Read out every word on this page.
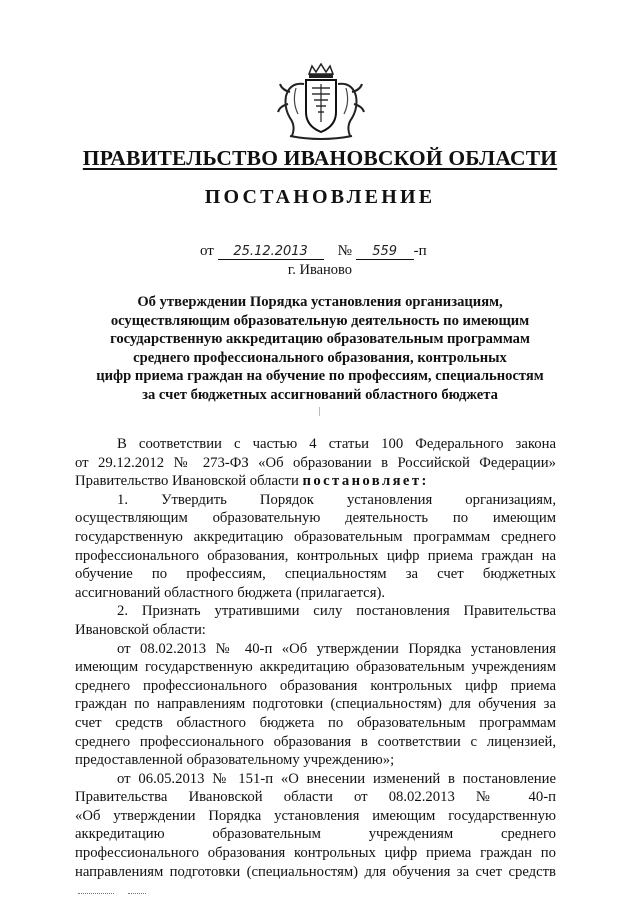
ПРАВИТЕЛЬСТВО ИВАНОВСКОЙ ОБЛАСТИ
ПОСТАНОВЛЕНИЕ
от 25.12.2013 № 559 -п
г. Иваново
Об утверждении Порядка установления организациям,
осуществляющим образовательную деятельность по имеющим
государственную аккредитацию образовательным программам
среднего профессионального образования, контрольных
цифр приема граждан на обучение по профессиям, специальностям
за счет бюджетных ассигнований областного бюджета
В соответствии с частью 4 статьи 100 Федерального закона
от 29.12.2012 № 273-ФЗ «Об образовании в Российской Федерации»
Правительство Ивановской области постановляет:
1. Утвердить Порядок установления организациям,
осуществляющим образовательную деятельность по имеющим
государственную аккредитацию образовательным программам среднего
профессионального образования, контрольных цифр приема граждан на
обучение по профессиям, специальностям за счет бюджетных
ассигнований областного бюджета (прилагается).
2. Признать утратившими силу постановления Правительства
Ивановской области:
от 08.02.2013 № 40-п «Об утверждении Порядка установления
имеющим государственную аккредитацию образовательным учреждениям
среднего профессионального образования контрольных цифр приема
граждан по направлениям подготовки (специальностям) для обучения за
счет средств областного бюджета по образовательным программам
среднего профессионального образования в соответствии с лицензией,
предоставленной образовательному учреждению»;
от 06.05.2013 № 151-п «О внесении изменений в постановление
Правительства Ивановской области от 08.02.2013 № 40-п
«Об утверждении Порядка установления имеющим государственную
аккредитацию образовательным учреждениям среднего
профессионального образования контрольных цифр приема граждан по
направлениям подготовки (специальностям) для обучения за счет средств
